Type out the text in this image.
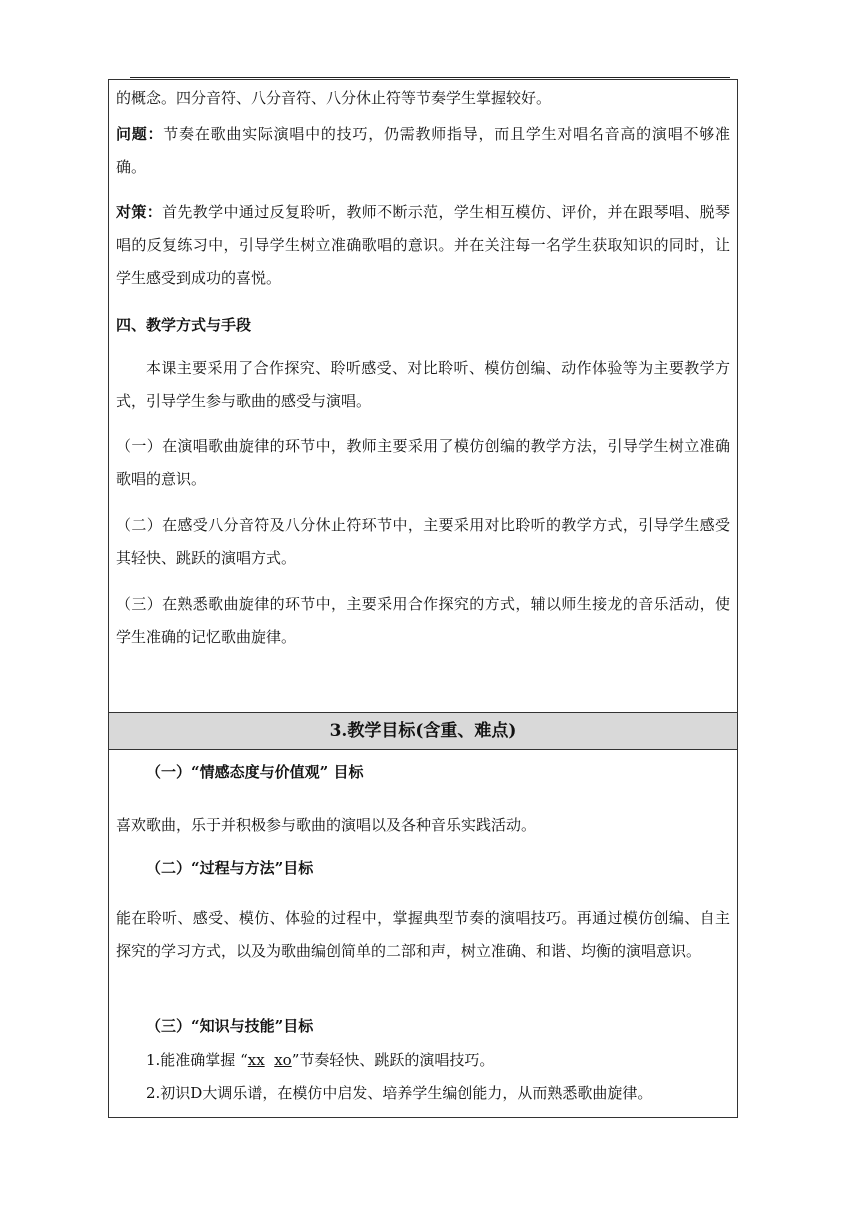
的概念。四分音符、八分音符、八分休止符等节奏学生掌握较好。

问题：节奏在歌曲实际演唱中的技巧，仍需教师指导，而且学生对唱名音高的演唱不够准确。

对策：首先教学中通过反复聆听，教师不断示范，学生相互模仿、评价，并在跟琴唱、脱琴唱的反复练习中，引导学生树立准确歌唱的意识。并在关注每一名学生获取知识的同时，让学生感受到成功的喜悦。

四、教学方式与手段

本课主要采用了合作探究、聆听感受、对比聆听、模仿创编、动作体验等为主要教学方式，引导学生参与歌曲的感受与演唱。

（一）在演唱歌曲旋律的环节中，教师主要采用了模仿创编的教学方法，引导学生树立准确歌唱的意识。

（二）在感受八分音符及八分休止符环节中，主要采用对比聆听的教学方式，引导学生感受其轻快、跳跃的演唱方式。

（三）在熟悉歌曲旋律的环节中，主要采用合作探究的方式，辅以师生接龙的音乐活动，使学生准确的记忆歌曲旋律。

3.教学目标(含重、难点)

（一）“情感态度与价值观” 目标

喜欢歌曲，乐于并积极参与歌曲的演唱以及各种音乐实践活动。

（二）“过程与方法”目标

能在聆听、感受、模仿、体验的过程中，掌握典型节奏的演唱技巧。再通过模仿创编、自主探究的学习方式，以及为歌曲编创简单的二部和声，树立准确、和谐、均衡的演唱意识。

（三）“知识与技能”目标

1.能准确掌握 “xx xo”节奏轻快、跳跃的演唱技巧。

2.初识D大调乐谱，在模仿中启发、培养学生编创能力，从而熟悉歌曲旋律。
